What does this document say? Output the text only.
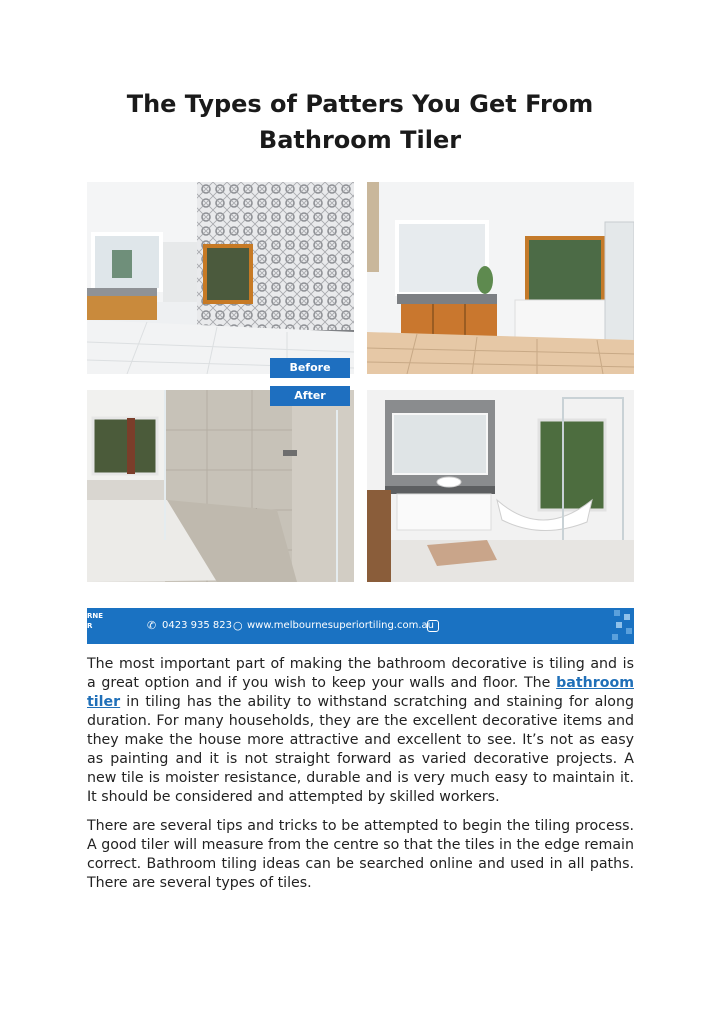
The Types of Patters You Get From Bathroom Tiler
Before
After
RNE
R	✆ 0423 935 823 ○ www.melbournesuperiortiling.com.au

The most important part of making the bathroom decorative is tiling and is a great option and if you wish to keep your walls and floor. The bathroom tiler in tiling has the ability to withstand scratching and staining for along duration. For many households, they are the excellent decorative items and they make the house more attractive and excellent to see. It’s not as easy as painting and it is not straight forward as varied decorative projects. A new tile is moister resistance, durable and is very much easy to maintain it. It should be considered and attempted by skilled workers.

There are several tips and tricks to be attempted to begin the tiling process. A good tiler will measure from the centre so that the tiles in the edge remain correct. Bathroom tiling ideas can be searched online and used in all paths. There are several types of tiles.
